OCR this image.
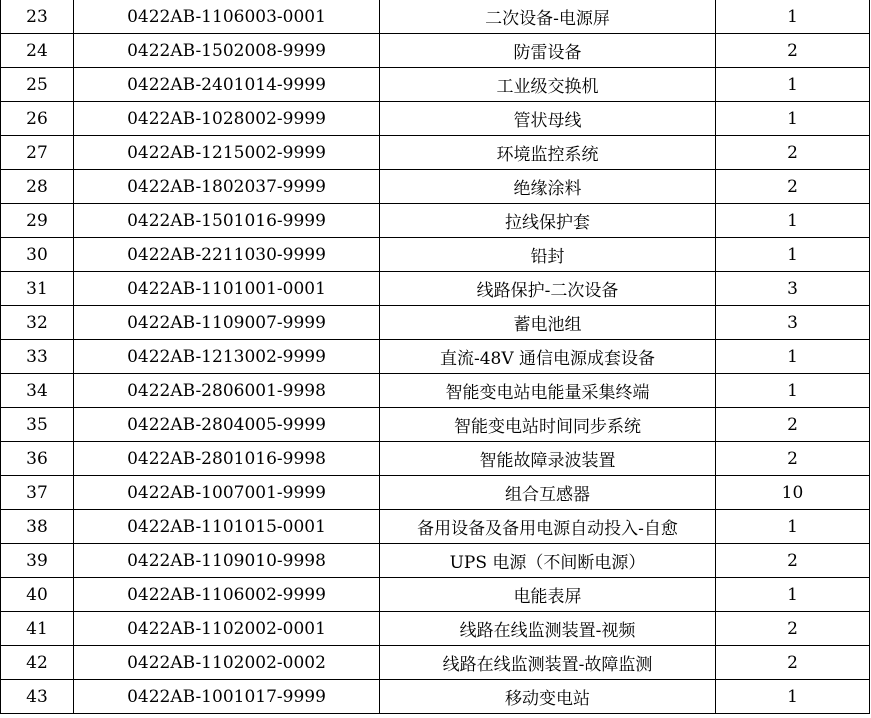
23	0422AB-1106003-0001	二次设备-电源屏	1
24	0422AB-1502008-9999	防雷设备	2
25	0422AB-2401014-9999	工业级交换机	1
26	0422AB-1028002-9999	管状母线	1
27	0422AB-1215002-9999	环境监控系统	2
28	0422AB-1802037-9999	绝缘涂料	2
29	0422AB-1501016-9999	拉线保护套	1
30	0422AB-2211030-9999	铅封	1
31	0422AB-1101001-0001	线路保护-二次设备	3
32	0422AB-1109007-9999	蓄电池组	3
33	0422AB-1213002-9999	直流-48V 通信电源成套设备	1
34	0422AB-2806001-9998	智能变电站电能量采集终端	1
35	0422AB-2804005-9999	智能变电站时间同步系统	2
36	0422AB-2801016-9998	智能故障录波装置	2
37	0422AB-1007001-9999	组合互感器	10
38	0422AB-1101015-0001	备用设备及备用电源自动投入-自愈	1
39	0422AB-1109010-9998	UPS 电源（不间断电源）	2
40	0422AB-1106002-9999	电能表屏	1
41	0422AB-1102002-0001	线路在线监测装置-视频	2
42	0422AB-1102002-0002	线路在线监测装置-故障监测	2
43	0422AB-1001017-9999	移动变电站	1
